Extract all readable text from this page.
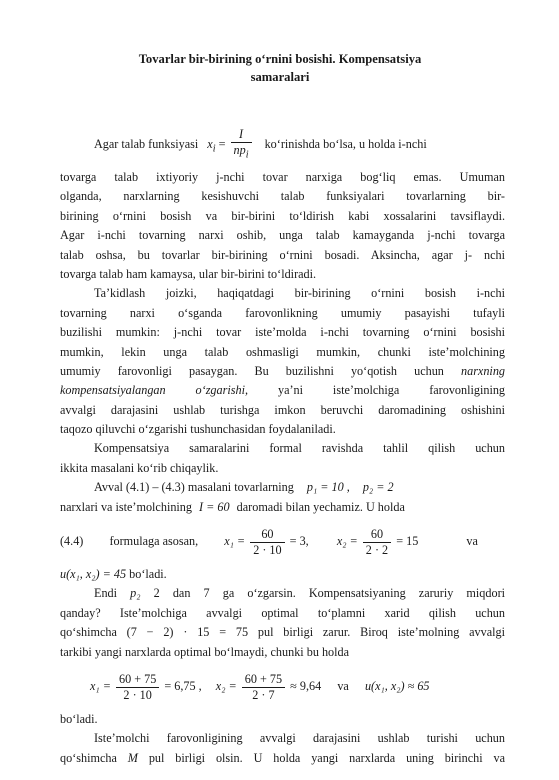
Tovarlar bir-birining o‘rnini bosishi. Kompensatsiya
samaralari
Agar talab funksiyasi $x_i = \frac{I}{np_i}$ ko‘rinishda bo‘lsa, u holda i-nchi
tovarga talab ixtiyoriy j-nchi tovar narxiga bog‘liq emas. Umuman
olganda, narxlarning kesishuvchi talab funksiyalari tovarlarning bir-
birining o‘rnini bosish va bir-birini to‘ldirish kabi xossalarini tavsiflaydi.
Agar i-nchi tovarning narxi oshib, unga talab kamayganda j-nchi tovarga
talab oshsa, bu tovarlar bir-birining o‘rnini bosadi. Aksincha, agar j- nchi
tovarga talab ham kamaysa, ular bir-birini to‘ldiradi.
Ta’kidlash joizki, haqiqatdagi bir-birining o‘rnini bosish i-nchi
tovarning narxi o‘sganda farovonlikning umumiy pasayishi tufayli
buzilishi mumkin: j-nchi tovar iste’molda i-nchi tovarning o‘rnini bosishi
mumkin, lekin unga talab oshmasligi mumkin, chunki iste’molchining
umumiy farovonligi pasaygan. Bu buzilishni yo‘qotish uchun narxning
kompensatsiyalangan o‘zgarishi, ya’ni iste’molchiga farovonligining
avvalgi darajasini ushlab turishga imkon beruvchi daromadining oshishini
taqozo qiluvchi o‘zgarishi tushunchasidan foydalaniladi.
Kompensatsiya samaralarini formal ravishda tahlil qilish uchun
ikkita masalani ko‘rib chiqaylik.
Avval (4.1) – (4.3) masalani tovarlarning p₁ = 10 , p₂ = 2
narxlari va iste’molchining I = 60 daromadi bilan yechamiz. U holda
(4.4) formulaga asosan, $x_1 = \frac{60}{2 \cdot 10} = 3$, $x_2 = \frac{60}{2 \cdot 2} = 15$	va
u(x₁, x₂) = 45 bo‘ladi.
Endi p₂ 2 dan 7 ga o‘zgarsin. Kompensatsiyaning zaruriy miqdori
qanday? Iste’molchiga avvalgi optimal to‘plamni xarid qilish uchun
qo‘shimcha (7 − 2) · 15 = 75 pul birligi zarur. Biroq iste’molning avvalgi
tarkibi yangi narxlarda optimal bo‘lmaydi, chunki bu holda
$x_1 = \frac{60 + 75}{2 \cdot 10} = 6,75$ , $x_2 = \frac{60 + 75}{2 \cdot 7} \approx 9,64$ va u(x₁, x₂) ≈ 65
bo‘ladi.
Iste’molchi farovonligining avvalgi darajasini ushlab turishi uchun
qo‘shimcha M pul birligi olsin. U holda yangi narxlarda uning birinchi va
